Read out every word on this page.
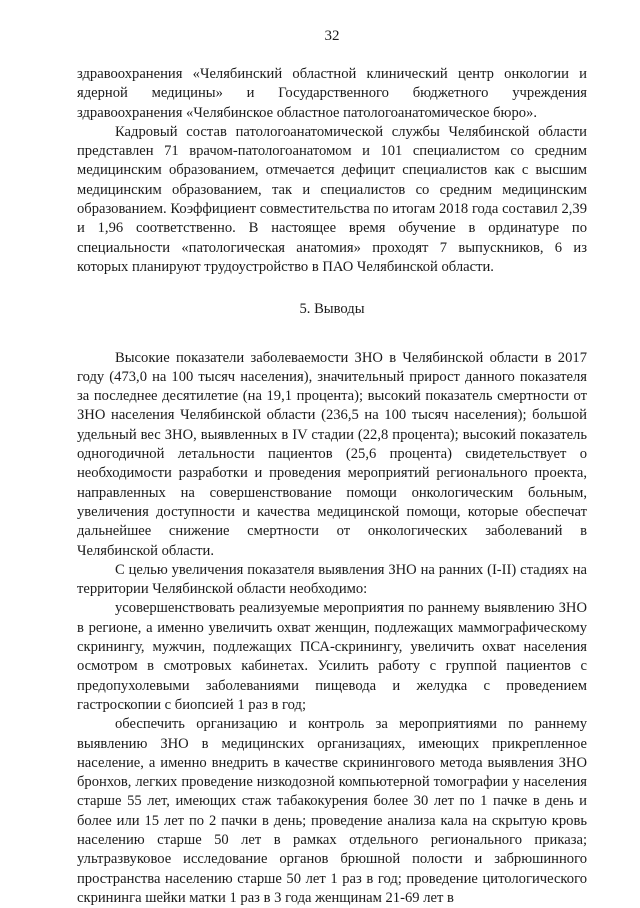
32

здравоохранения «Челябинский областной клинический центр онкологии и ядерной медицины» и Государственного бюджетного учреждения здравоохранения «Челябинское областное патологоанатомическое бюро».

Кадровый состав патологоанатомической службы Челябинской области представлен 71 врачом-патологоанатомом и 101 специалистом со средним медицинским образованием, отмечается дефицит специалистов как с высшим медицинским образованием, так и специалистов со средним медицинским образованием. Коэффициент совместительства по итогам 2018 года составил 2,39 и 1,96 соответственно. В настоящее время обучение в ординатуре по специальности «патологическая анатомия» проходят 7 выпускников, 6 из которых планируют трудоустройство в ПАО Челябинской области.

5. Выводы

Высокие показатели заболеваемости ЗНО в Челябинской области в 2017 году (473,0 на 100 тысяч населения), значительный прирост данного показателя за последнее десятилетие (на 19,1 процента); высокий показатель смертности от ЗНО населения Челябинской области (236,5 на 100 тысяч населения); большой удельный вес ЗНО, выявленных в IV стадии (22,8 процента); высокий показатель одногодичной летальности пациентов (25,6 процента) свидетельствует о необходимости разработки и проведения мероприятий регионального проекта, направленных на совершенствование помощи онкологическим больным, увеличения доступности и качества медицинской помощи, которые обеспечат дальнейшее снижение смертности от онкологических заболеваний в Челябинской области.

С целью увеличения показателя выявления ЗНО на ранних (I-II) стадиях на территории Челябинской области необходимо:

усовершенствовать реализуемые мероприятия по раннему выявлению ЗНО в регионе, а именно увеличить охват женщин, подлежащих маммографическому скринингу, мужчин, подлежащих ПСА-скринингу, увеличить охват населения осмотром в смотровых кабинетах. Усилить работу с группой пациентов с предопухолевыми заболеваниями пищевода и желудка с проведением гастроскопии с биопсией 1 раз в год;

обеспечить организацию и контроль за мероприятиями по раннему выявлению ЗНО в медицинских организациях, имеющих прикрепленное население, а именно внедрить в качестве скринингового метода выявления ЗНО бронхов, легких проведение низкодозной компьютерной томографии у населения старше 55 лет, имеющих стаж табакокурения более 30 лет по 1 пачке в день и более или 15 лет по 2 пачки в день; проведение анализа кала на скрытую кровь населению старше 50 лет в рамках отдельного регионального приказа; ультразвуковое исследование органов брюшной полости и забрюшинного пространства населению старше 50 лет 1 раз в год; проведение цитологического скрининга шейки матки 1 раз в 3 года женщинам 21-69 лет в
